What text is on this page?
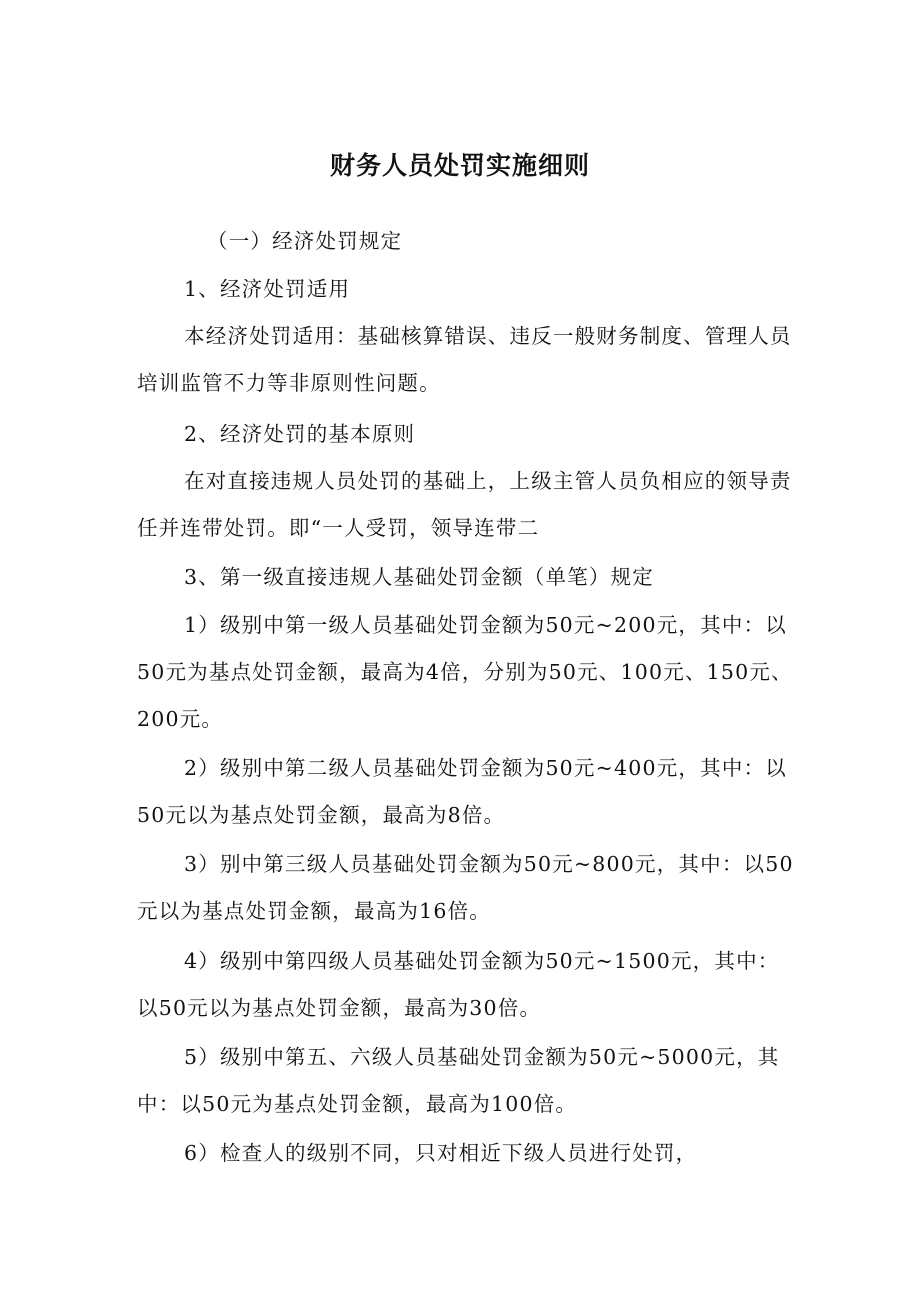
财务人员处罚实施细则

（一）经济处罚规定

1、经济处罚适用

本经济处罚适用：基础核算错误、违反一般财务制度、管理人员培训监管不力等非原则性问题。

2、经济处罚的基本原则

在对直接违规人员处罚的基础上，上级主管人员负相应的领导责任并连带处罚。即“一人受罚，领导连带二

3、第一级直接违规人基础处罚金额（单笔）规定

1）级别中第一级人员基础处罚金额为50元~200元，其中：以50元为基点处罚金额，最高为4倍，分别为50元、100元、150元、200元。

2）级别中第二级人员基础处罚金额为50元~400元，其中：以50元以为基点处罚金额，最高为8倍。

3）别中第三级人员基础处罚金额为50元~800元，其中：以50元以为基点处罚金额，最高为16倍。

4）级别中第四级人员基础处罚金额为50元~1500元，其中：以50元以为基点处罚金额，最高为30倍。

5）级别中第五、六级人员基础处罚金额为50元~5000元，其中：以50元为基点处罚金额，最高为100倍。

6）检查人的级别不同，只对相近下级人员进行处罚，
